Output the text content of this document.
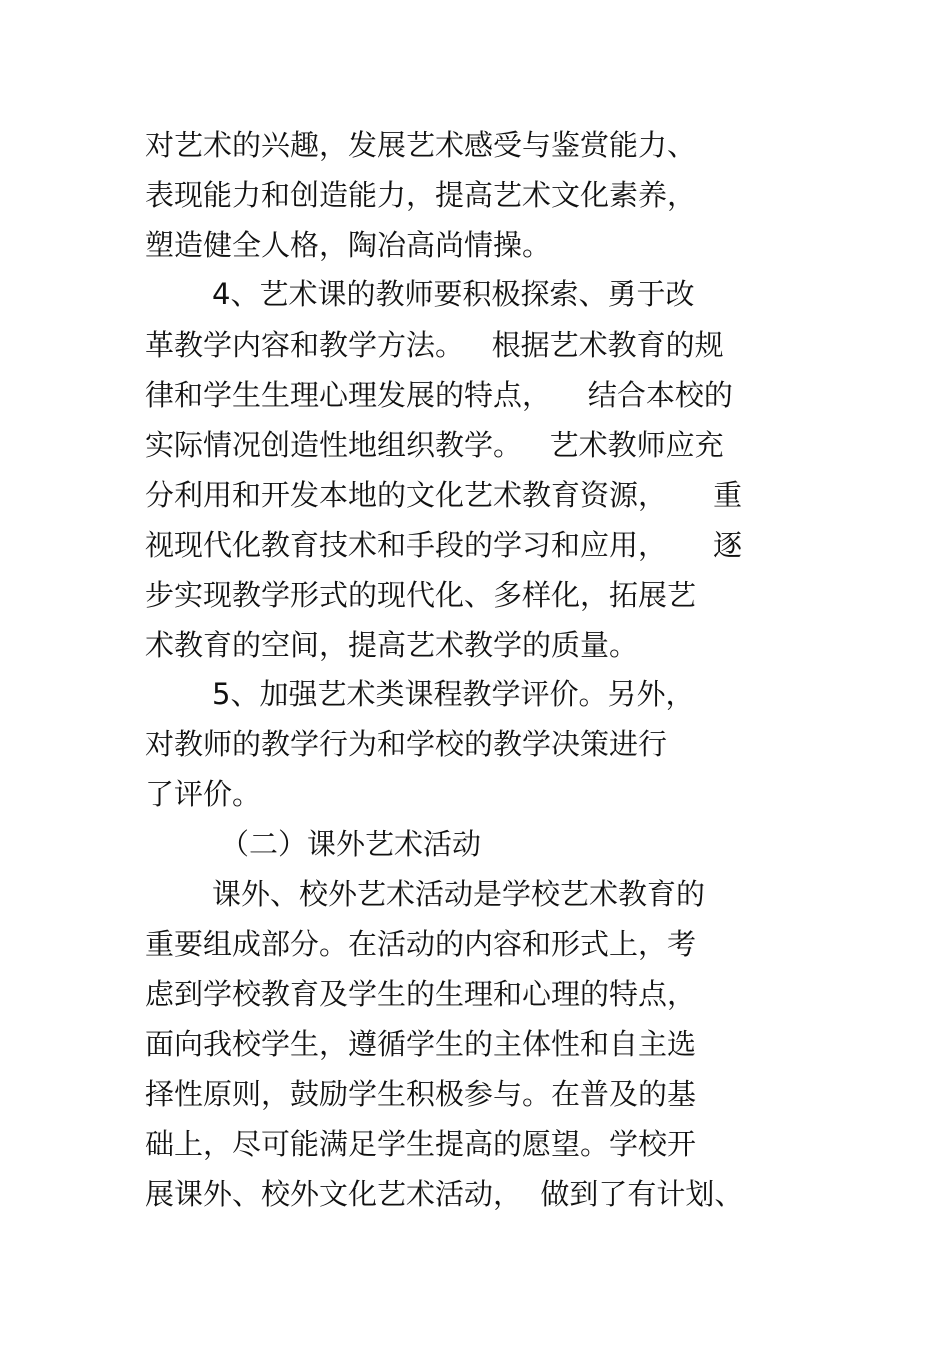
对艺术的兴趣，发展艺术感受与鉴赏能力、
表现能力和创造能力，提高艺术文化素养，
塑造健全人格，陶冶高尚情操。
4、艺术课的教师要积极探索、勇于改
革教学内容和教学方法。   根据艺术教育的规
律和学生生理心理发展的特点，    结合本校的
实际情况创造性地组织教学。   艺术教师应充
分利用和开发本地的文化艺术教育资源，     重
视现代化教育技术和手段的学习和应用，     逐
步实现教学形式的现代化、多样化，拓展艺
术教育的空间，提高艺术教学的质量。
5、加强艺术类课程教学评价。另外，
对教师的教学行为和学校的教学决策进行
了评价。
（二）课外艺术活动
课外、校外艺术活动是学校艺术教育的
重要组成部分。在活动的内容和形式上，考
虑到学校教育及学生的生理和心理的特点，
面向我校学生，遵循学生的主体性和自主选
择性原则，鼓励学生积极参与。在普及的基
础上，尽可能满足学生提高的愿望。学校开
展课外、校外文化艺术活动，  做到了有计划、
